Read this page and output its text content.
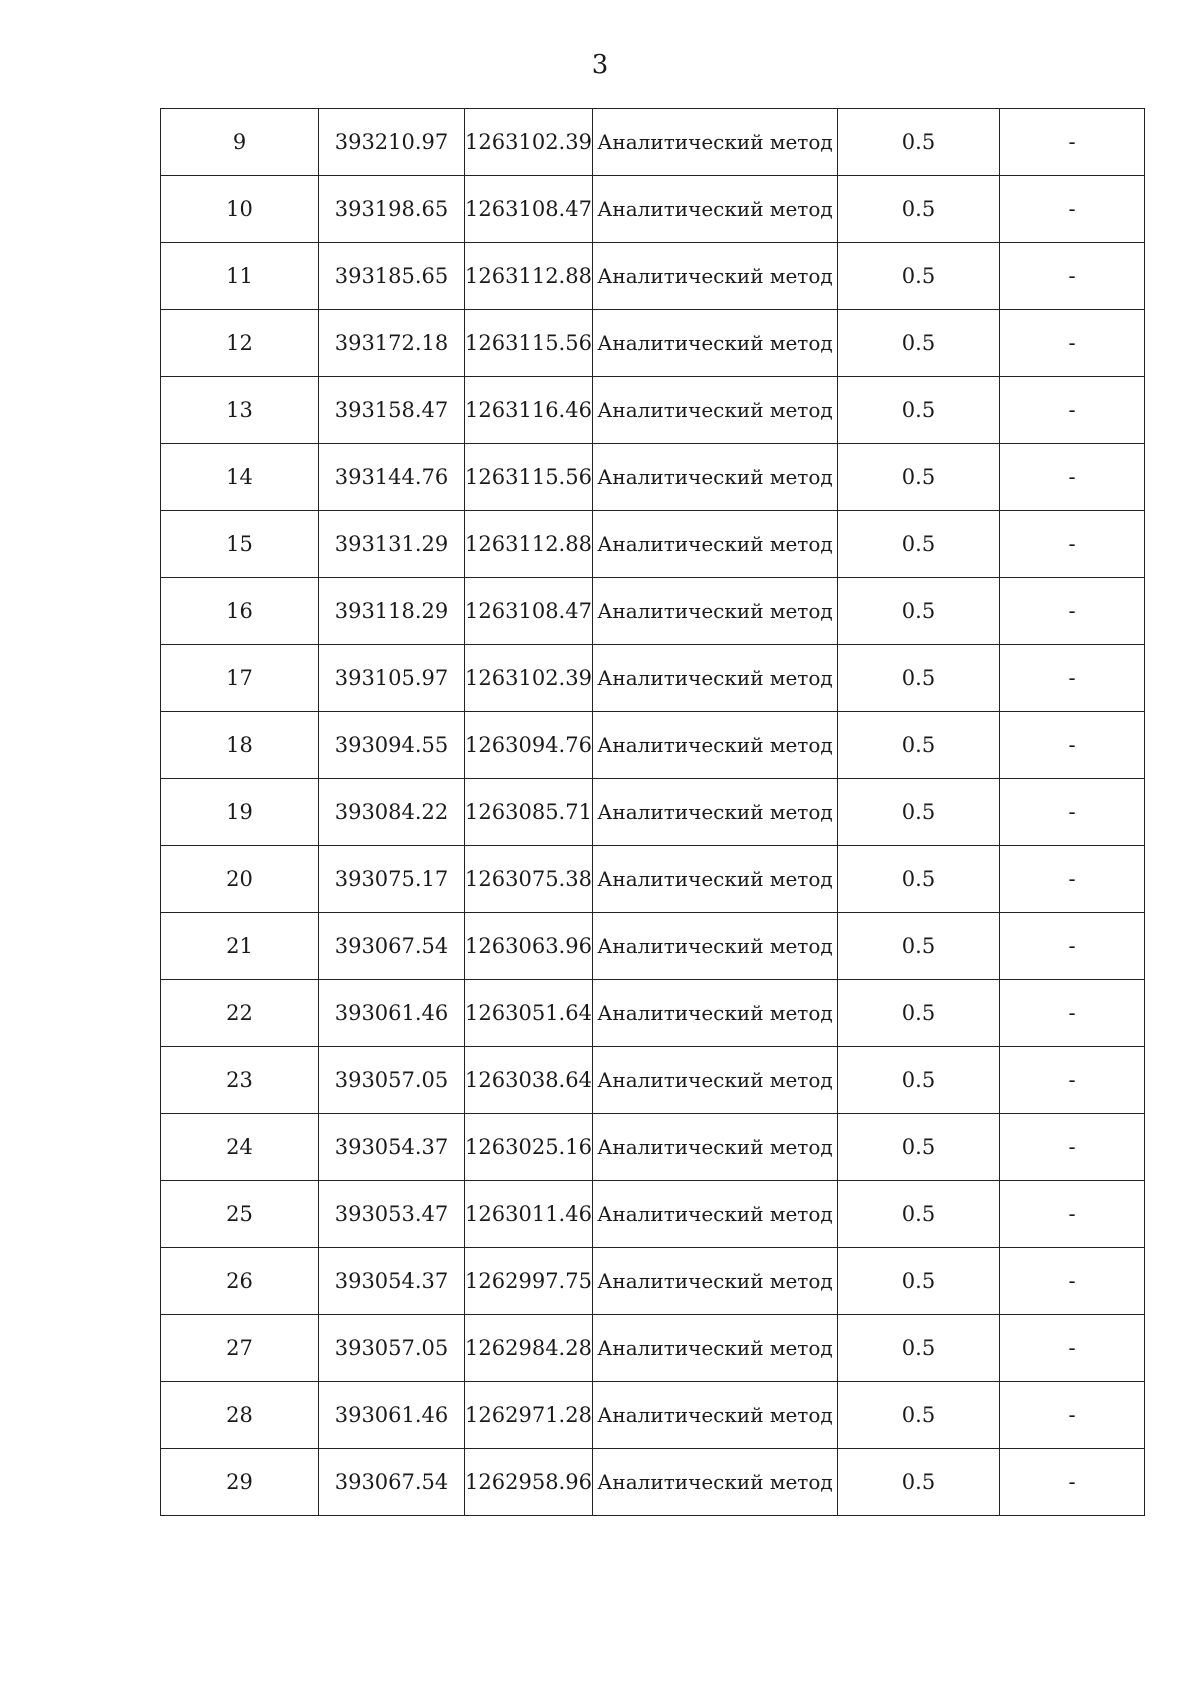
3
9	393210.97	1263102.39	Аналитический метод	0.5	-
10	393198.65	1263108.47	Аналитический метод	0.5	-
11	393185.65	1263112.88	Аналитический метод	0.5	-
12	393172.18	1263115.56	Аналитический метод	0.5	-
13	393158.47	1263116.46	Аналитический метод	0.5	-
14	393144.76	1263115.56	Аналитический метод	0.5	-
15	393131.29	1263112.88	Аналитический метод	0.5	-
16	393118.29	1263108.47	Аналитический метод	0.5	-
17	393105.97	1263102.39	Аналитический метод	0.5	-
18	393094.55	1263094.76	Аналитический метод	0.5	-
19	393084.22	1263085.71	Аналитический метод	0.5	-
20	393075.17	1263075.38	Аналитический метод	0.5	-
21	393067.54	1263063.96	Аналитический метод	0.5	-
22	393061.46	1263051.64	Аналитический метод	0.5	-
23	393057.05	1263038.64	Аналитический метод	0.5	-
24	393054.37	1263025.16	Аналитический метод	0.5	-
25	393053.47	1263011.46	Аналитический метод	0.5	-
26	393054.37	1262997.75	Аналитический метод	0.5	-
27	393057.05	1262984.28	Аналитический метод	0.5	-
28	393061.46	1262971.28	Аналитический метод	0.5	-
29	393067.54	1262958.96	Аналитический метод	0.5	-
